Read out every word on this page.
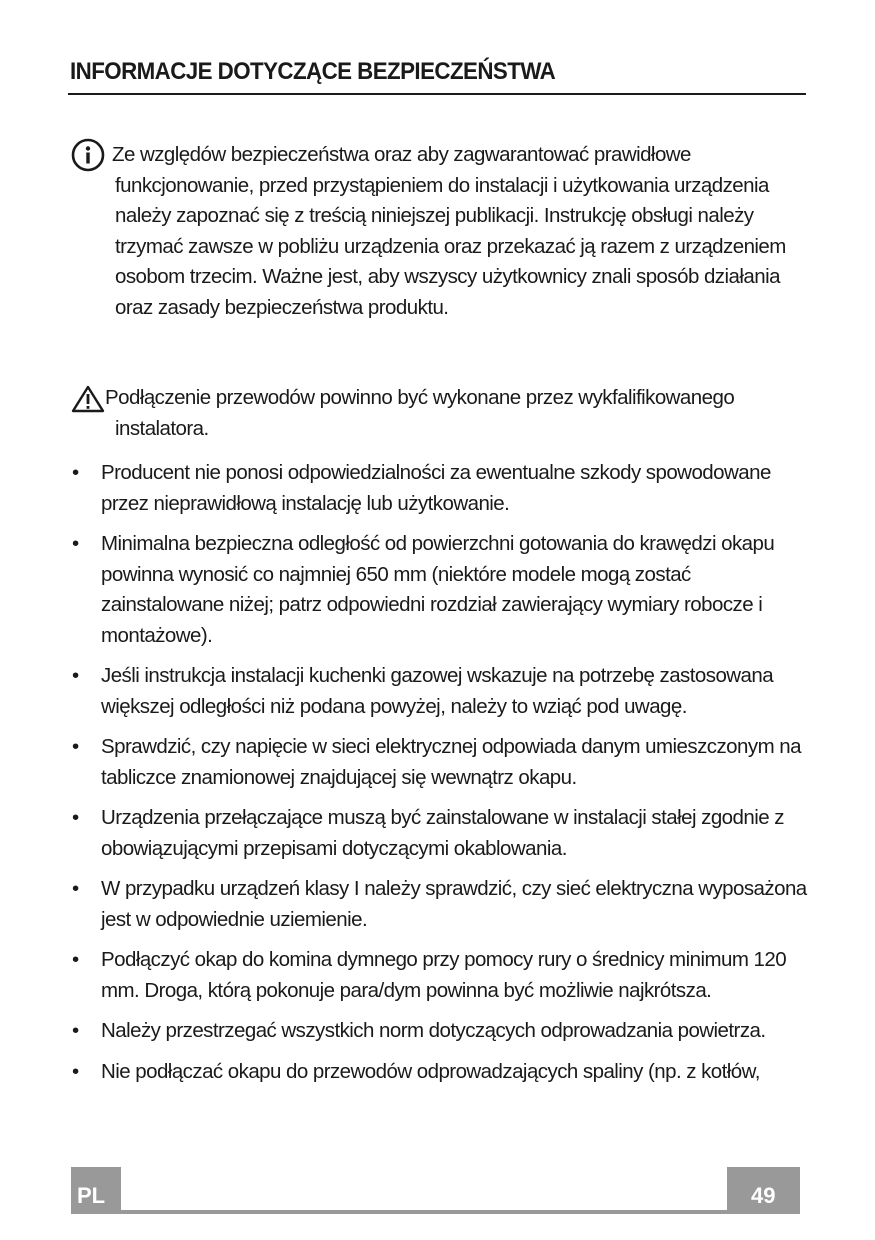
INFORMACJE DOTYCZĄCE BEZPIECZEŃSTWA

Ze względów bezpieczeństwa oraz aby zagwarantować prawidłowe funkcjonowanie, przed przystąpieniem do instalacji i użytkowania urządzenia należy zapoznać się z treścią niniejszej publikacji. Instrukcję obsługi należy trzymać zawsze w pobliżu urządzenia oraz przekazać ją razem z urządzeniem osobom trzecim. Ważne jest, aby wszyscy użytkownicy znali sposób działania oraz zasady bezpieczeństwa produktu.

Podłączenie przewodów powinno być wykonane przez wykfalifikowanego instalatora.

• Producent nie ponosi odpowiedzialności za ewentualne szkody spowodowane przez nieprawidłową instalację lub użytkowanie.
• Minimalna bezpieczna odległość od powierzchni gotowania do krawędzi okapu powinna wynosić co najmniej 650 mm (niektóre modele mogą zostać zainstalowane niżej; patrz odpowiedni rozdział zawierający wymiary robocze i montażowe).
• Jeśli instrukcja instalacji kuchenki gazowej wskazuje na potrzebę zastosowana większej odległości niż podana powyżej, należy to wziąć pod uwagę.
• Sprawdzić, czy napięcie w sieci elektrycznej odpowiada danym umieszczonym na tabliczce znamionowej znajdującej się wewnątrz okapu.
• Urządzenia przełączające muszą być zainstalowane w instalacji stałej zgodnie z obowiązującymi przepisami dotyczącymi okablowania.
• W przypadku urządzeń klasy I należy sprawdzić, czy sieć elektryczna wyposażona jest w odpowiednie uziemienie.
• Podłączyć okap do komina dymnego przy pomocy rury o średnicy minimum 120 mm. Droga, którą pokonuje para/dym powinna być możliwie najkrótsza.
• Należy przestrzegać wszystkich norm dotyczących odprowadzania powietrza.
• Nie podłączać okapu do przewodów odprowadzających spaliny (np. z kotłów,
PL	49
